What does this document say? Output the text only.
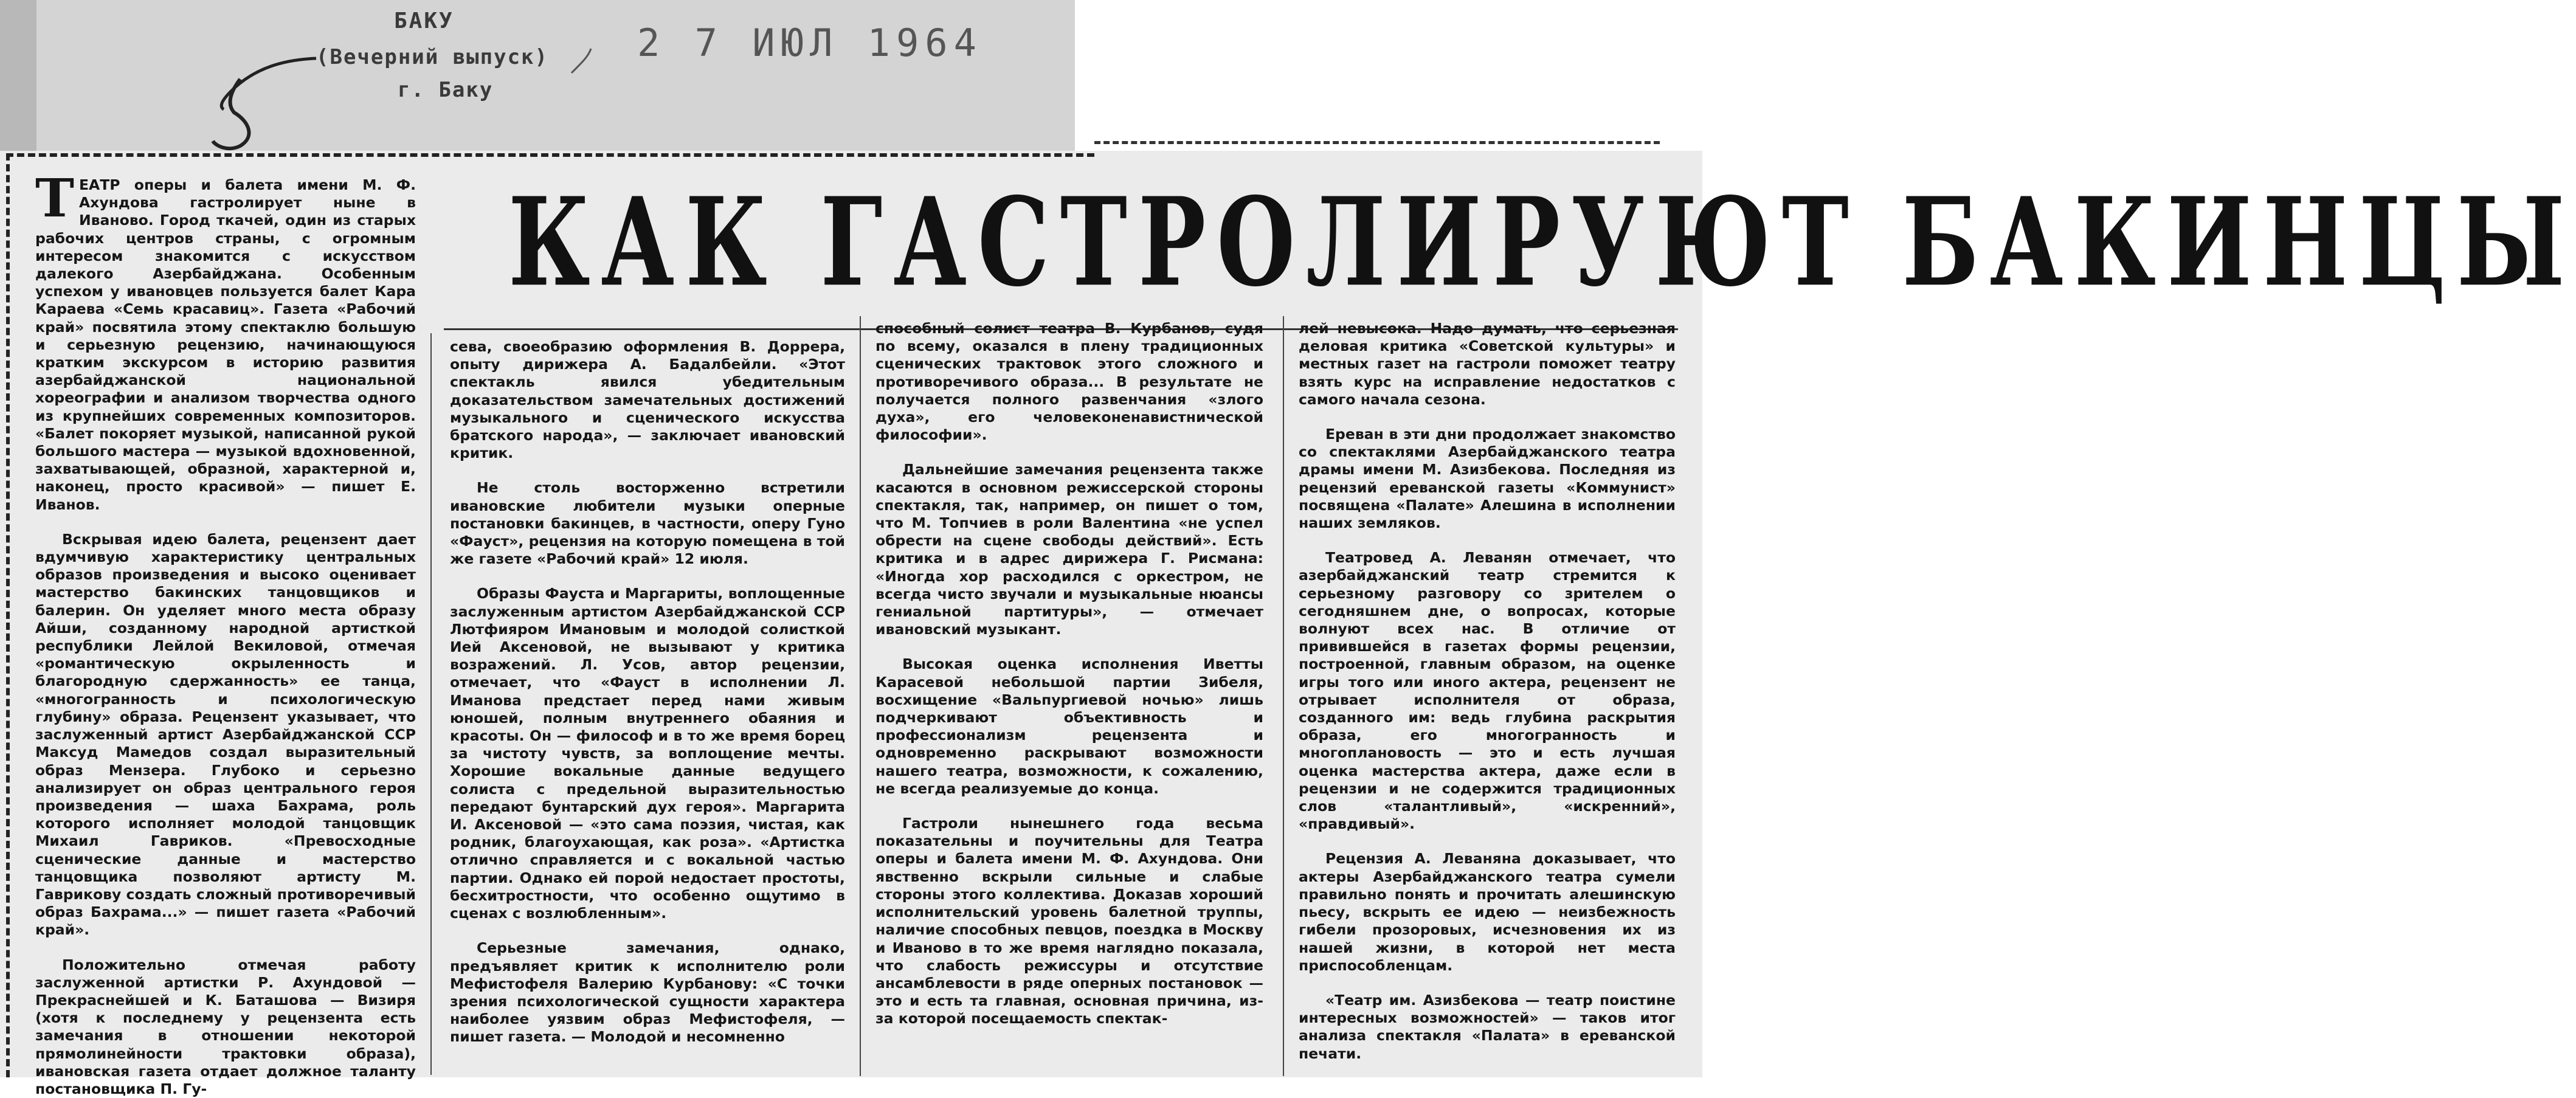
БАКУ
(Вечерний выпуск)
г. Баку
2 7 ИЮЛ 1964
КАК ГАСТРОЛИРУЮТ БАКИНЦЫ

ТЕАТР оперы и балета имени М. Ф. Ахундова гастролирует ныне в Иваново. Город ткачей, один из старых рабочих центров страны, с огромным интересом знакомится с искусством далекого Азербайджана. Особенным успехом у ивановцев пользуется балет Кара Караева «Семь красавиц». Газета «Рабочий край» посвятила этому спектаклю большую и серьезную рецензию, начинающуюся кратким экскурсом в историю развития азербайджанской национальной хореографии и анализом творчества одного из крупнейших современных композиторов. «Балет покоряет музыкой, написанной рукой большого мастера — музыкой вдохновенной, захватывающей, образной, характерной и, наконец, просто красивой» — пишет Е. Иванов.

Вскрывая идею балета, рецензент дает вдумчивую характеристику центральных образов произведения и высоко оценивает мастерство бакинских танцовщиков и балерин. Он уделяет много места образу Айши, созданному народной артисткой республики Лейлой Векиловой, отмечая «романтическую окрыленность и благородную сдержанность» ее танца, «многогранность и психологическую глубину» образа. Рецензент указывает, что заслуженный артист Азербайджанской ССР Максуд Мамедов создал выразительный образ Мензера. Глубоко и серьезно анализирует он образ центрального героя произведения — шаха Бахрама, роль которого исполняет молодой танцовщик Михаил Гавриков. «Превосходные сценические данные и мастерство танцовщика позволяют артисту М. Гаврикову создать сложный противоречивый образ Бахрама...» — пишет газета «Рабочий край».

Положительно отмечая работу заслуженной артистки Р. Ахундовой — Прекраснейшей и К. Баташова — Визиря (хотя к последнему у рецензента есть замечания в отношении некоторой прямолинейности трактовки образа), ивановская газета отдает должное таланту постановщика П. Гу-

сева, своеобразию оформления В. Доррера, опыту дирижера А. Бадалбейли. «Этот спектакль явился убедительным доказательством замечательных достижений музыкального и сценического искусства братского народа», — заключает ивановский критик.

Не столь восторженно встретили ивановские любители музыки оперные постановки бакинцев, в частности, оперу Гуно «Фауст», рецензия на которую помещена в той же газете «Рабочий край» 12 июля.

Образы Фауста и Маргариты, воплощенные заслуженным артистом Азербайджанской ССР Лютфияром Имановым и молодой солисткой Ией Аксеновой, не вызывают у критика возражений. Л. Усов, автор рецензии, отмечает, что «Фауст в исполнении Л. Иманова предстает перед нами живым юношей, полным внутреннего обаяния и красоты. Он — философ и в то же время борец за чистоту чувств, за воплощение мечты. Хорошие вокальные данные ведущего солиста с предельной выразительностью передают бунтарский дух героя». Маргарита И. Аксеновой — «это сама поэзия, чистая, как родник, благоухающая, как роза». «Артистка отлично справляется и с вокальной частью партии. Однако ей порой недостает простоты, бесхитростности, что особенно ощутимо в сценах с возлюбленным».

Серьезные замечания, однако, предъявляет критик к исполнителю роли Мефистофеля Валерию Курбанову: «С точки зрения психологической сущности характера наиболее уязвим образ Мефистофеля, — пишет газета. — Молодой и несомненно

способный солист театра В. Курбанов, судя по всему, оказался в плену традиционных сценических трактовок этого сложного и противоречивого образа... В результате не получается полного развенчания «злого духа», его человеконенавистнической философии».

Дальнейшие замечания рецензента также касаются в основном режиссерской стороны спектакля, так, например, он пишет о том, что М. Топчиев в роли Валентина «не успел обрести на сцене свободы действий». Есть критика и в адрес дирижера Г. Рисмана: «Иногда хор расходился с оркестром, не всегда чисто звучали и музыкальные нюансы гениальной партитуры», — отмечает ивановский музыкант.

Высокая оценка исполнения Иветты Карасевой небольшой партии Зибеля, восхищение «Вальпургиевой ночью» лишь подчеркивают объективность и профессионализм рецензента и одновременно раскрывают возможности нашего театра, возможности, к сожалению, не всегда реализуемые до конца.

Гастроли нынешнего года весьма показательны и поучительны для Театра оперы и балета имени М. Ф. Ахундова. Они явственно вскрыли сильные и слабые стороны этого коллектива. Доказав хороший исполнительский уровень балетной труппы, наличие способных певцов, поездка в Москву и Иваново в то же время наглядно показала, что слабость режиссуры и отсутствие ансамблевости в ряде оперных постановок — это и есть та главная, основная причина, из-за которой посещаемость спектак-

лей невысока. Надо думать, что серьезная деловая критика «Советской культуры» и местных газет на гастроли поможет театру взять курс на исправление недостатков с самого начала сезона.

Ереван в эти дни продолжает знакомство со спектаклями Азербайджанского театра драмы имени М. Азизбекова. Последняя из рецензий ереванской газеты «Коммунист» посвящена «Палате» Алешина в исполнении наших земляков.

Театровед А. Леванян отмечает, что азербайджанский театр стремится к серьезному разговору со зрителем о сегодняшнем дне, о вопросах, которые волнуют всех нас. В отличие от привившейся в газетах формы рецензии, построенной, главным образом, на оценке игры того или иного актера, рецензент не отрывает исполнителя от образа, созданного им: ведь глубина раскрытия образа, его многогранность и многоплановость — это и есть лучшая оценка мастерства актера, даже если в рецензии и не содержится традиционных слов «талантливый», «искренний», «правдивый».

Рецензия А. Леваняна доказывает, что актеры Азербайджанского театра сумели правильно понять и прочитать алешинскую пьесу, вскрыть ее идею — неизбежность гибели прозоровых, исчезновения их из нашей жизни, в которой нет места приспособленцам.

«Театр им. Азизбекова — театр поистине интересных возможностей» — таков итог анализа спектакля «Палата» в ереванской печати.
